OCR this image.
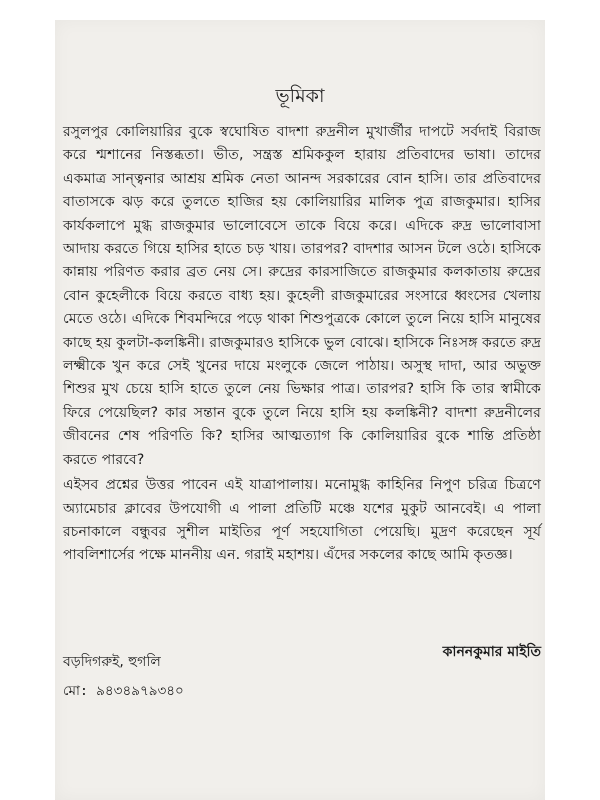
ভূমিকা

রসুলপুর কোলিয়ারির বুকে স্বঘোষিত বাদশা রুদ্রনীল মুখার্জীর দাপটে সর্বদাই বিরাজ করে শ্মশানের নিস্তব্ধতা। ভীত, সন্ত্রস্ত শ্রমিককুল হারায় প্রতিবাদের ভাষা। তাদের একমাত্র সান্ত্বনার আশ্রয় শ্রমিক নেতা আনন্দ সরকারের বোন হাসি। তার প্রতিবাদের বাতাসকে ঝড় করে তুলতে হাজির হয় কোলিয়ারির মালিক পুত্র রাজকুমার। হাসির কার্যকলাপে মুগ্ধ রাজকুমার ভালোবেসে তাকে বিয়ে করে। এদিকে রুদ্র ভালোবাসা আদায় করতে গিয়ে হাসির হাতে চড় খায়। তারপর? বাদশার আসন টলে ওঠে। হাসিকে কান্নায় পরিণত করার ব্রত নেয় সে। রুদ্রের কারসাজিতে রাজকুমার কলকাতায় রুদ্রের বোন কুহেলীকে বিয়ে করতে বাধ্য হয়। কুহেলী রাজকুমারের সংসারে ধ্বংসের খেলায় মেতে ওঠে। এদিকে শিবমন্দিরে পড়ে থাকা শিশুপুত্রকে কোলে তুলে নিয়ে হাসি মানুষের কাছে হয় কুলটা-কলঙ্কিনী। রাজকুমারও হাসিকে ভুল বোঝে। হাসিকে নিঃসঙ্গ করতে রুদ্র লক্ষ্মীকে খুন করে সেই খুনের দায়ে মংলুকে জেলে পাঠায়। অসুস্থ দাদা, আর অভুক্ত শিশুর মুখ চেয়ে হাসি হাতে তুলে নেয় ভিক্ষার পাত্র। তারপর? হাসি কি তার স্বামীকে ফিরে পেয়েছিল? কার সন্তান বুকে তুলে নিয়ে হাসি হয় কলঙ্কিনী? বাদশা রুদ্রনীলের জীবনের শেষ পরিণতি কি? হাসির আত্মত্যাগ কি কোলিয়ারির বুকে শান্তি প্রতিষ্ঠা করতে পারবে?

এইসব প্রশ্নের উত্তর পাবেন এই যাত্রাপালায়। মনোমুগ্ধ কাহিনির নিপুণ চরিত্র চিত্রণে অ্যামেচার ক্লাবের উপযোগী এ পালা প্রতিটি মঞ্চে যশের মুকুট আনবেই। এ পালা রচনাকালে বন্ধুবর সুশীল মাইতির পূর্ণ সহযোগিতা পেয়েছি। মুদ্রণ করেছেন সূর্য পাবলিশার্সের পক্ষে মাননীয় এন. গরাই মহাশয়। এঁদের সকলের কাছে আমি কৃতজ্ঞ।

কাননকুমার মাইতি
বড়দিগরুই, হুগলি
মো: ৯৪৩৪৯৭৯৩৪০
